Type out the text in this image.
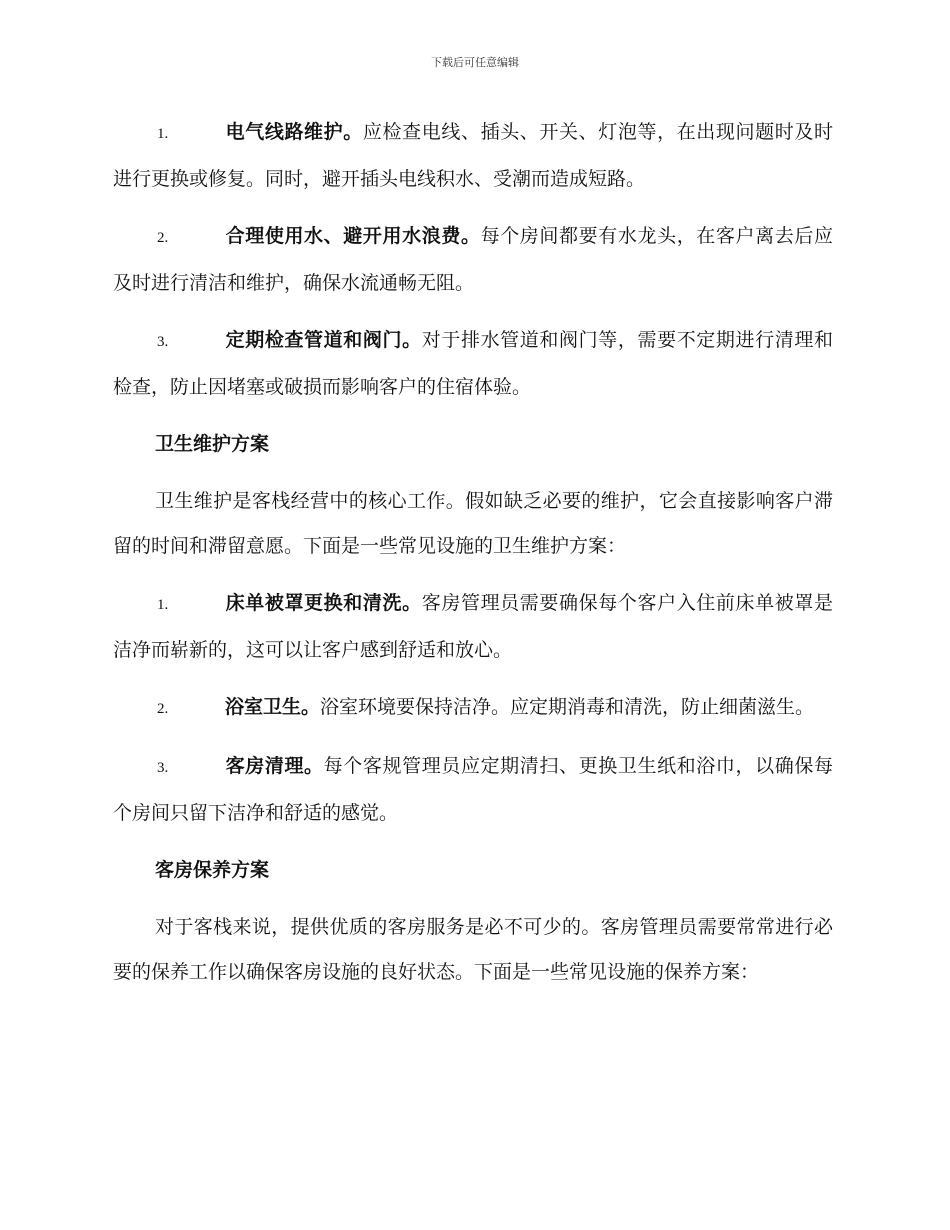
下载后可任意编辑
1.	电气线路维护。应检查电线、插头、开关、灯泡等，在出现问题时及时进行更换或修复。同时，避开插头电线积水、受潮而造成短路。
2.	合理使用水、避开用水浪费。每个房间都要有水龙头，在客户离去后应及时进行清洁和维护，确保水流通畅无阻。
3.	定期检查管道和阀门。对于排水管道和阀门等，需要不定期进行清理和检查，防止因堵塞或破损而影响客户的住宿体验。
卫生维护方案

卫生维护是客栈经营中的核心工作。假如缺乏必要的维护，它会直接影响客户滞留的时间和滞留意愿。下面是一些常见设施的卫生维护方案：

1.	床单被罩更换和清洗。客房管理员需要确保每个客户入住前床单被罩是洁净而崭新的，这可以让客户感到舒适和放心。
2.	浴室卫生。浴室环境要保持洁净。应定期消毒和清洗，防止细菌滋生。
3.	客房清理。每个客规管理员应定期清扫、更换卫生纸和浴巾，以确保每个房间只留下洁净和舒适的感觉。
客房保养方案

对于客栈来说，提供优质的客房服务是必不可少的。客房管理员需要常常进行必要的保养工作以确保客房设施的良好状态。下面是一些常见设施的保养方案：
